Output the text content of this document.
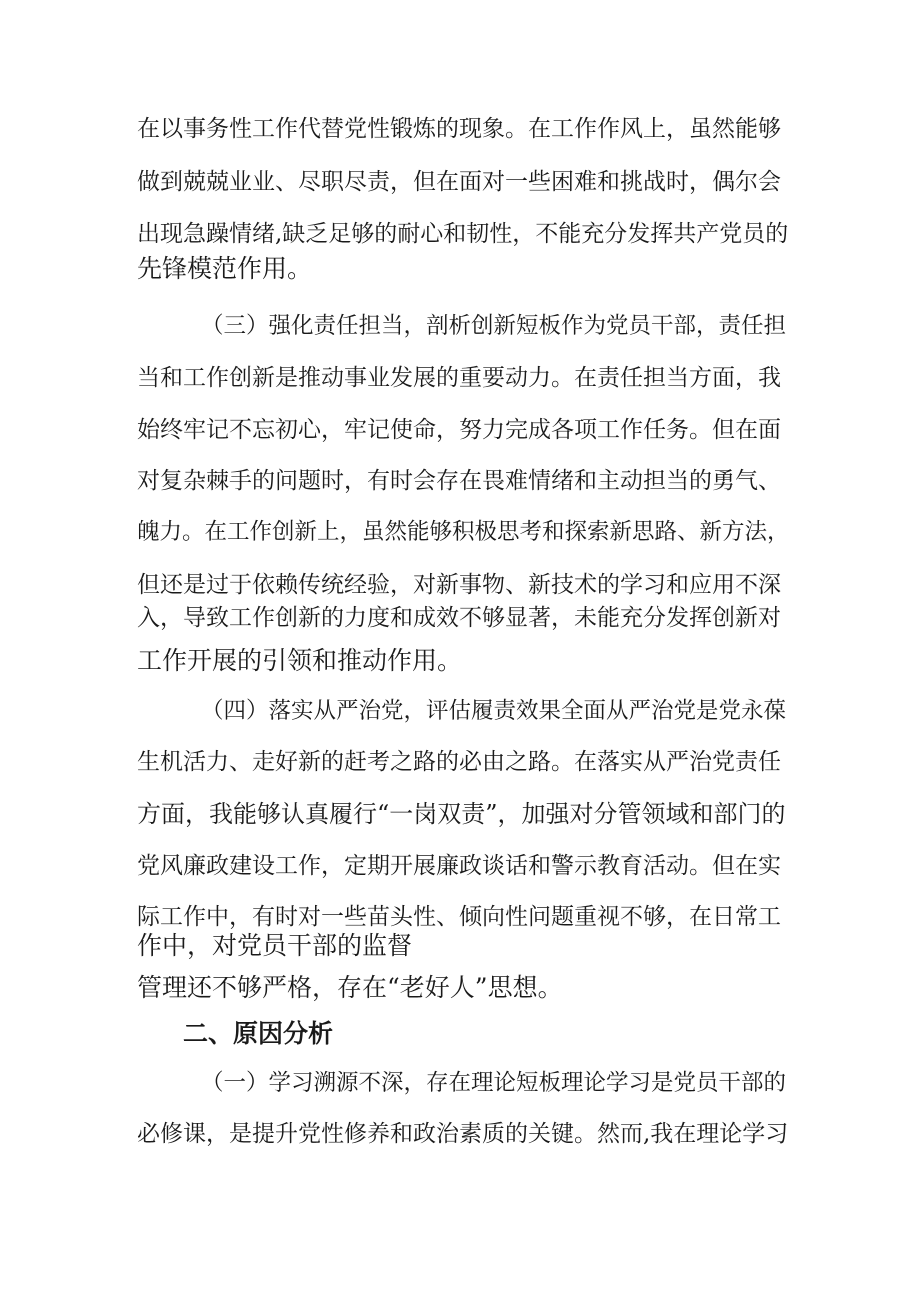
在以事务性工作代替党性锻炼的现象。在工作作风上，虽然能够
做到兢兢业业、尽职尽责，但在面对一些困难和挑战时，偶尔会
出现急躁情绪,缺乏足够的耐心和韧性，不能充分发挥共产党员的
先锋模范作用。
（三）强化责任担当，剖析创新短板作为党员干部，责任担
当和工作创新是推动事业发展的重要动力。在责任担当方面，我
始终牢记不忘初心，牢记使命，努力完成各项工作任务。但在面
对复杂棘手的问题时，有时会存在畏难情绪和主动担当的勇气、
魄力。在工作创新上，虽然能够积极思考和探索新思路、新方法，
但还是过于依赖传统经验，对新事物、新技术的学习和应用不深
入，导致工作创新的力度和成效不够显著，未能充分发挥创新对
工作开展的引领和推动作用。
（四）落实从严治党，评估履责效果全面从严治党是党永葆
生机活力、走好新的赶考之路的必由之路。在落实从严治党责任
方面，我能够认真履行“一岗双责”，加强对分管领域和部门的
党风廉政建设工作，定期开展廉政谈话和警示教育活动。但在实
际工作中，有时对一些苗头性、倾向性问题重视不够，在日常工
作中，对党员干部的监督
管理还不够严格，存在“老好人”思想。
二、原因分析
（一）学习溯源不深，存在理论短板理论学习是党员干部的
必修课，是提升党性修养和政治素质的关键。然而,我在理论学习
